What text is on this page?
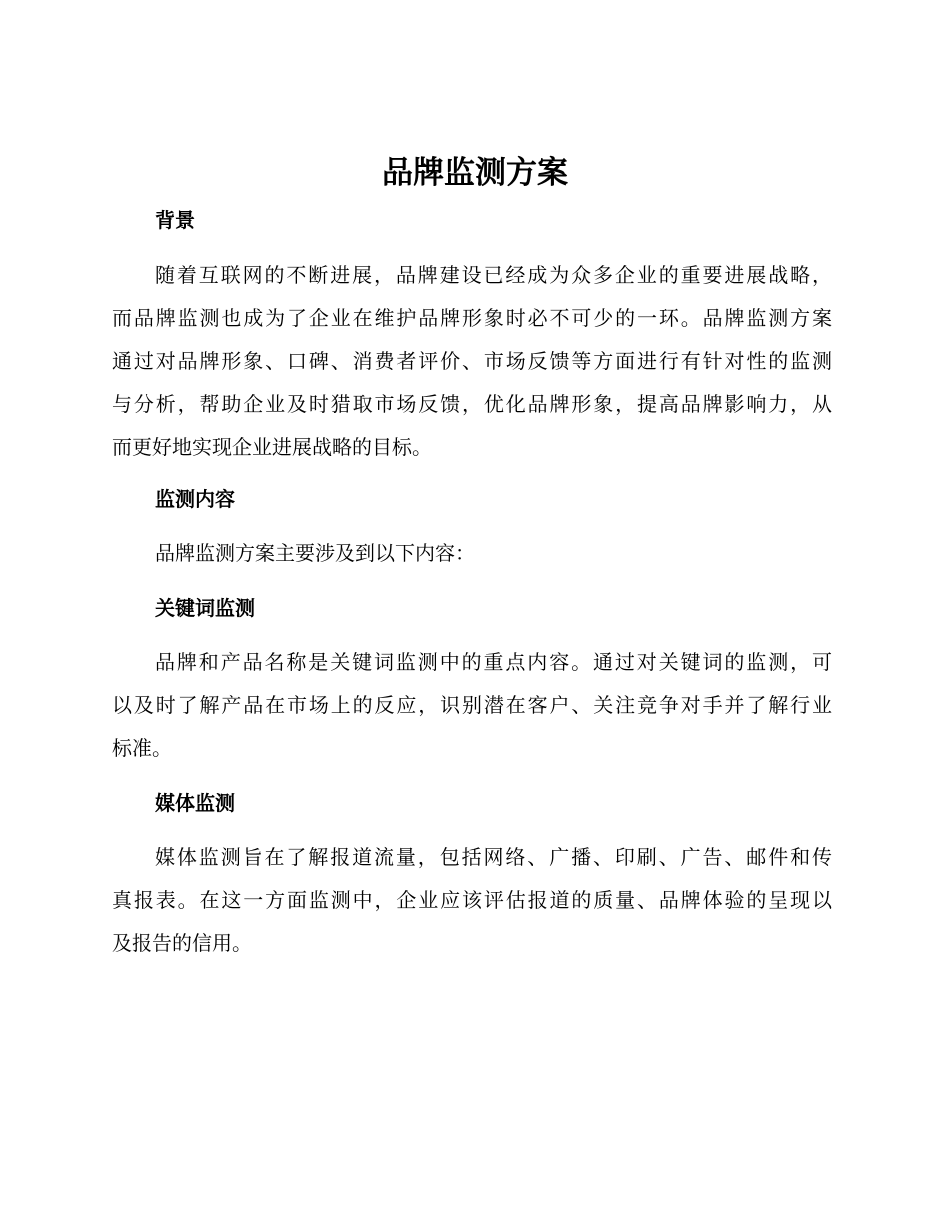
品牌监测方案
背景
随着互联网的不断进展，品牌建设已经成为众多企业的重要进展战略，
而品牌监测也成为了企业在维护品牌形象时必不可少的一环。品牌监测方案
通过对品牌形象、口碑、消费者评价、市场反馈等方面进行有针对性的监测
与分析，帮助企业及时猎取市场反馈，优化品牌形象，提高品牌影响力，从
而更好地实现企业进展战略的目标。
监测内容
品牌监测方案主要涉及到以下内容：
关键词监测
品牌和产品名称是关键词监测中的重点内容。通过对关键词的监测，可
以及时了解产品在市场上的反应，识别潜在客户、关注竞争对手并了解行业
标准。
媒体监测
媒体监测旨在了解报道流量，包括网络、广播、印刷、广告、邮件和传
真报表。在这一方面监测中，企业应该评估报道的质量、品牌体验的呈现以
及报告的信用。
